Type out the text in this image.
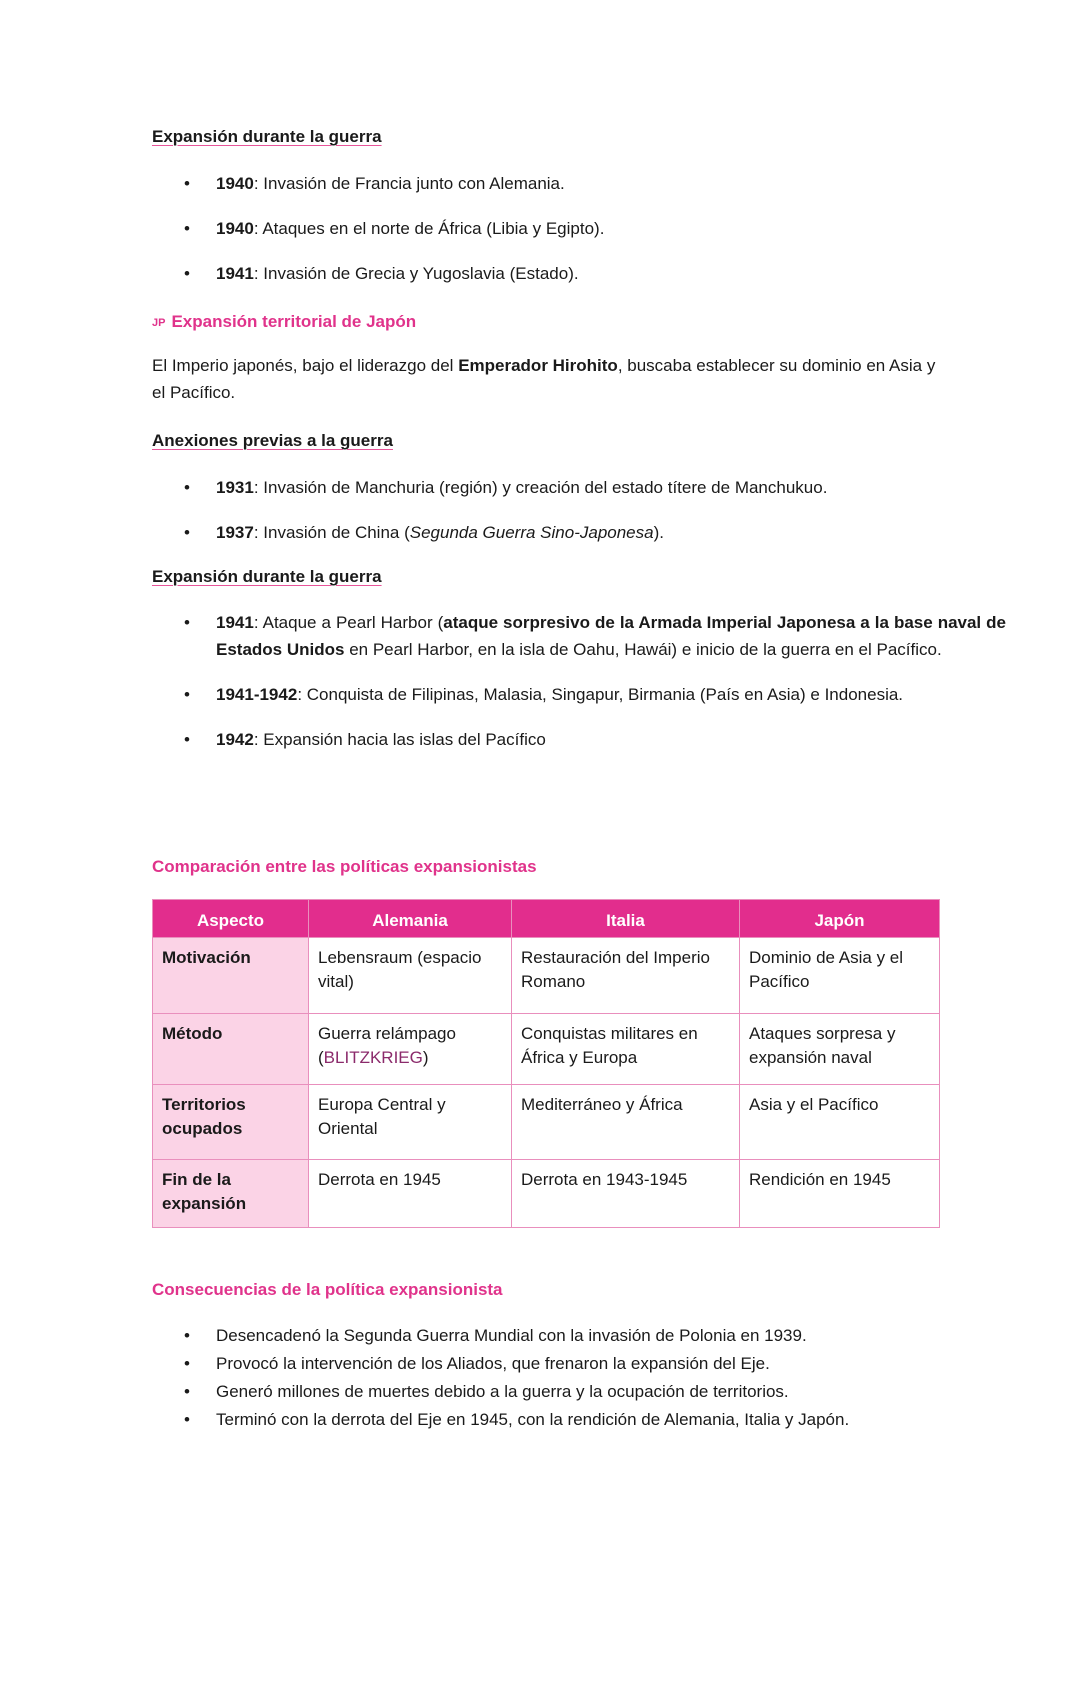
Expansión durante la guerra
• 1940: Invasión de Francia junto con Alemania.
• 1940: Ataques en el norte de África (Libia y Egipto).
• 1941: Invasión de Grecia y Yugoslavia (Estado).
JP Expansión territorial de Japón
El Imperio japonés, bajo el liderazgo del Emperador Hirohito, buscaba establecer su dominio en Asia y el Pacífico.
Anexiones previas a la guerra
• 1931: Invasión de Manchuria (región) y creación del estado títere de Manchukuo.
• 1937: Invasión de China (Segunda Guerra Sino-Japonesa).
Expansión durante la guerra
• 1941: Ataque a Pearl Harbor (ataque sorpresivo de la Armada Imperial Japonesa a la base naval de Estados Unidos en Pearl Harbor, en la isla de Oahu, Hawái) e inicio de la guerra en el Pacífico.
• 1941-1942: Conquista de Filipinas, Malasia, Singapur, Birmania (País en Asia) e Indonesia.
• 1942: Expansión hacia las islas del Pacífico
Comparación entre las políticas expansionistas
Aspecto	Alemania	Italia	Japón
Motivación	Lebensraum (espacio vital)	Restauración del Imperio Romano	Dominio de Asia y el Pacífico
Método	Guerra relámpago (BLITZKRIEG)	Conquistas militares en África y Europa	Ataques sorpresa y expansión naval
Territorios ocupados	Europa Central y Oriental	Mediterráneo y África	Asia y el Pacífico
Fin de la expansión	Derrota en 1945	Derrota en 1943-1945	Rendición en 1945
Consecuencias de la política expansionista
• Desencadenó la Segunda Guerra Mundial con la invasión de Polonia en 1939.
• Provocó la intervención de los Aliados, que frenaron la expansión del Eje.
• Generó millones de muertes debido a la guerra y la ocupación de territorios.
• Terminó con la derrota del Eje en 1945, con la rendición de Alemania, Italia y Japón.
